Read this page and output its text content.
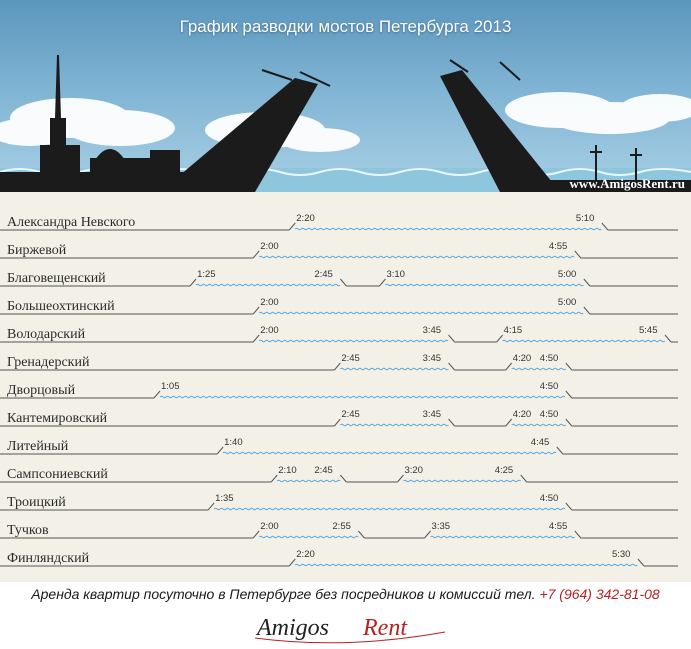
График разводки мостов Петербурга 2013
www.AmigosRent.ru
Александра Невского	2:20	5:10
Биржевой	2:00	4:55
Благовещенский	1:25	2:45	3:10	5:00
Большеохтинский	2:00	5:00
Володарский	2:00	3:45	4:15	5:45
Гренадерский	2:45	3:45	4:20 4:50
Дворцовый	1:05	4:50
Кантемировский	2:45	3:45	4:20 4:50
Литейный	1:40	4:45
Сампсониевский	2:10 2:45	3:20	4:25
Троицкий	1:35	4:50
Тучков	2:00	2:55	3:35	4:55
Финляндский	2:20	5:30
Аренда квартир посуточно в Петербурге без посредников и комиссий тел. +7 (964) 342-81-08
Amigos Rent
